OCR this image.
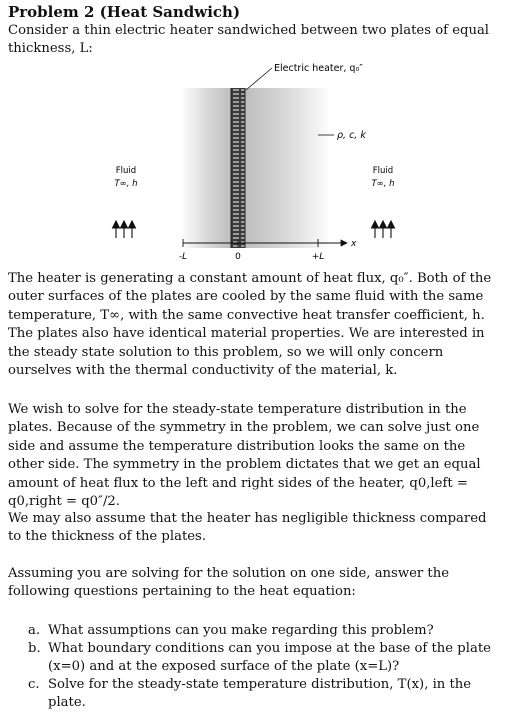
Problem 2 (Heat Sandwich)
Consider a thin electric heater sandwiched between two plates of equal thickness, L:
Electric heater, q₀″
ρ, c, k
Fluid
T∞, h
Fluid
T∞, h
-L	0	+L
x
The heater is generating a constant amount of heat flux, q₀″. Both of the outer surfaces of the plates are cooled by the same fluid with the same temperature, T∞, with the same convective heat transfer coefficient, h. The plates also have identical material properties. We are interested in the steady state solution to this problem, so we will only concern ourselves with the thermal conductivity of the material, k.
We wish to solve for the steady-state temperature distribution in the plates. Because of the symmetry in the problem, we can solve just one side and assume the temperature distribution looks the same on the other side. The symmetry in the problem dictates that we get an equal amount of heat flux to the left and right sides of the heater, q0,left = q0,right = q0″/2.
We may also assume that the heater has negligible thickness compared to the thickness of the plates.
Assuming you are solving for the solution on one side, answer the following questions pertaining to the heat equation:
a. What assumptions can you make regarding this problem?
b. What boundary conditions can you impose at the base of the plate (x=0) and at the exposed surface of the plate (x=L)?
c. Solve for the steady-state temperature distribution, T(x), in the plate.
